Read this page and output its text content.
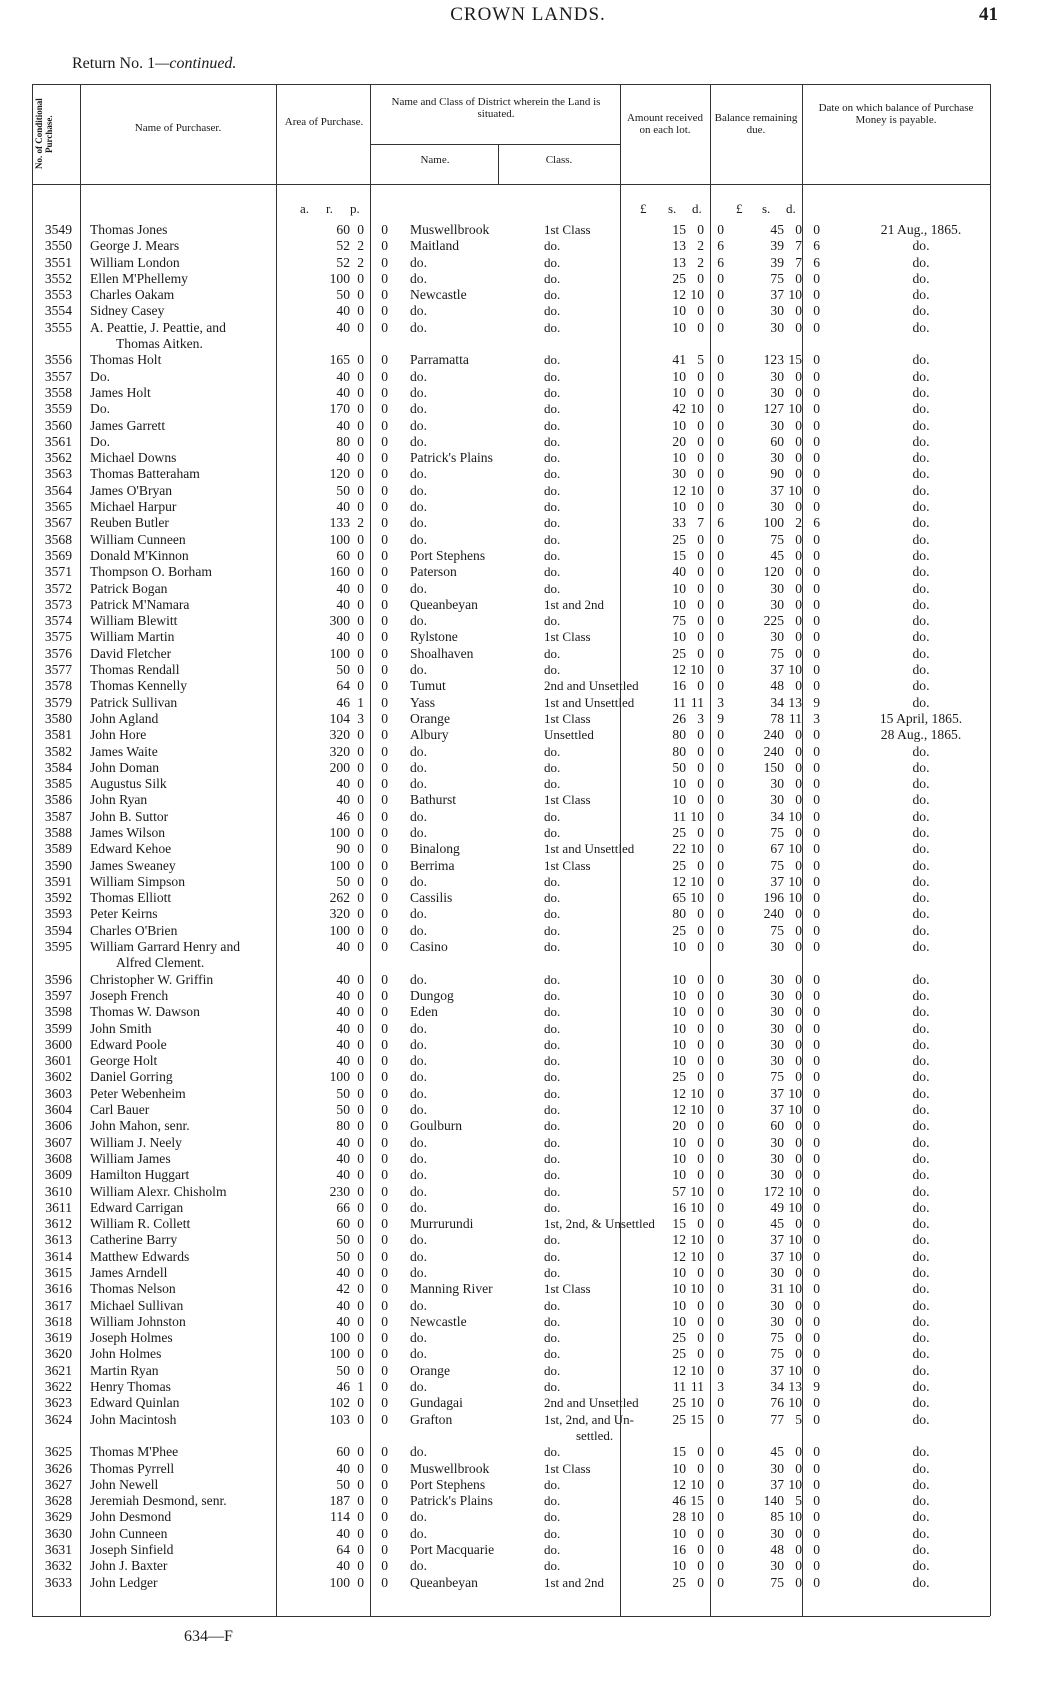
CROWN LANDS.	41
Return No. 1—continued.
No. of Conditional Purchase.	Name of Purchaser.	Area of Purchase.
Name and Class of District wherein the Land is situated.
Name.	Class.
Amount received on each lot.
Balance remaining due.
Date on which balance of Purchase Money is payable.
a. r. p.	£ s. d.	£ s. d.
3549 Thomas Jones	60 0	0 Muswellbrook	1st Class	15 0 0	45 0 0	21 Aug., 1865.
3550 George J. Mears	52 2	0 Maitland	do.	13 2 6	39 7 6	do.
3551 William London	52 2	0 do.	do.	13 2 6	39 7 6	do.
3552 Ellen M'Phellemy	100 0	0 do.	do.	25 0 0	75 0 0	do.
3553 Charles Oakam	50 0	0 Newcastle	do.	12 10 0	37 10 0	do.
3554 Sidney Casey	40 0	0 do.	do.	10 0 0	30 0 0	do.
3555 A. Peattie, J. Peattie, and
Thomas Aitken.
40 0	0 do.	do.	10 0 0	30 0 0	do.
3556 Thomas Holt	165 0	0 Parramatta	do.	41 5 0	123 15 0	do.
3557 Do.	40 0	0 do.	do.	10 0 0	30 0 0	do.
3558 James Holt	40 0	0 do.	do.	10 0 0	30 0 0	do.
3559 Do.	170 0	0 do.	do.	42 10 0	127 10 0	do.
3560 James Garrett	40 0	0 do.	do.	10 0 0	30 0 0	do.
3561 Do.	80 0	0 do.	do.	20 0 0	60 0 0	do.
3562 Michael Downs	40 0	0 Patrick's Plains	do.	10 0 0	30 0 0	do.
3563 Thomas Batteraham	120 0	0 do.	do.	30 0 0	90 0 0	do.
3564 James O'Bryan	50 0	0 do.	do.	12 10 0	37 10 0	do.
3565 Michael Harpur	40 0	0 do.	do.	10 0 0	30 0 0	do.
3567 Reuben Butler	133 2	0 do.	do.	33 7 6	100 2 6	do.
3568 William Cunneen	100 0	0 do.	do.	25 0 0	75 0 0	do.
3569 Donald M'Kinnon	60 0	0 Port Stephens	do.	15 0 0	45 0 0	do.
3571 Thompson O. Borham	160 0	0 Paterson	do.	40 0 0	120 0 0	do.
3572 Patrick Bogan	40 0	0 do.	do.	10 0 0	30 0 0	do.
3573 Patrick M'Namara	40 0	0 Queanbeyan	1st and 2nd	10 0 0	30 0 0	do.
3574 William Blewitt	300 0	0 do.	do.	75 0 0	225 0 0	do.
3575 William Martin	40 0	0 Rylstone	1st Class	10 0 0	30 0 0	do.
3576 David Fletcher	100 0	0 Shoalhaven	do.	25 0 0	75 0 0	do.
3577 Thomas Rendall	50 0	0 do.	do.	12 10 0	37 10 0	do.
3578 Thomas Kennelly	64 0	0 Tumut	2nd and Unsettled	16 0 0	48 0 0	do.
3579 Patrick Sullivan	46 1	0 Yass	1st and Unsettled	11 11 3	34 13 9	do.
3580 John Agland	104 3	0 Orange	1st Class	26 3 9	78 11 3	15 April, 1865.
3581 John Hore	320 0	0 Albury	Unsettled	80 0 0	240 0 0	28 Aug., 1865.
3582 James Waite	320 0	0 do.	do.	80 0 0	240 0 0	do.
3584 John Doman	200 0	0 do.	do.	50 0 0	150 0 0	do.
3585 Augustus Silk	40 0	0 do.	do.	10 0 0	30 0 0	do.
3586 John Ryan	40 0	0 Bathurst	1st Class	10 0 0	30 0 0	do.
3587 John B. Suttor	46 0	0 do.	do.	11 10 0	34 10 0	do.
3588 James Wilson	100 0	0 do.	do.	25 0 0	75 0 0	do.
3589 Edward Kehoe	90 0	0 Binalong	1st and Unsettled	22 10 0	67 10 0	do.
3590 James Sweaney	100 0	0 Berrima	1st Class	25 0 0	75 0 0	do.
3591 William Simpson	50 0	0 do.	do.	12 10 0	37 10 0	do.
3592 Thomas Elliott	262 0	0 Cassilis	do.	65 10 0	196 10 0	do.
3593 Peter Keirns	320 0	0 do.	do.	80 0 0	240 0 0	do.
3594 Charles O'Brien	100 0	0 do.	do.	25 0 0	75 0 0	do.
3595 William Garrard Henry and
Alfred Clement.
40 0	0 Casino	do.	10 0 0	30 0 0	do.
3596 Christopher W. Griffin	40 0	0 do.	do.	10 0 0	30 0 0	do.
3597 Joseph French	40 0	0 Dungog	do.	10 0 0	30 0 0	do.
3598 Thomas W. Dawson	40 0	0 Eden	do.	10 0 0	30 0 0	do.
3599 John Smith	40 0	0 do.	do.	10 0 0	30 0 0	do.
3600 Edward Poole	40 0	0 do.	do.	10 0 0	30 0 0	do.
3601 George Holt	40 0	0 do.	do.	10 0 0	30 0 0	do.
3602 Daniel Gorring	100 0	0 do.	do.	25 0 0	75 0 0	do.
3603 Peter Webenheim	50 0	0 do.	do.	12 10 0	37 10 0	do.
3604 Carl Bauer	50 0	0 do.	do.	12 10 0	37 10 0	do.
3606 John Mahon, senr.	80 0	0 Goulburn	do.	20 0 0	60 0 0	do.
3607 William J. Neely	40 0	0 do.	do.	10 0 0	30 0 0	do.
3608 William James	40 0	0 do.	do.	10 0 0	30 0 0	do.
3609 Hamilton Huggart	40 0	0 do.	do.	10 0 0	30 0 0	do.
3610 William Alexr. Chisholm	230 0	0 do.	do.	57 10 0	172 10 0	do.
3611 Edward Carrigan	66 0	0 do.	do.	16 10 0	49 10 0	do.
3612 William R. Collett	60 0	0 Murrurundi	1st, 2nd, & Unsettled	15 0 0	45 0 0	do.
3613 Catherine Barry	50 0	0 do.	do.	12 10 0	37 10 0	do.
3614 Matthew Edwards	50 0	0 do.	do.	12 10 0	37 10 0	do.
3615 James Arndell	40 0	0 do.	do.	10 0 0	30 0 0	do.
3616 Thomas Nelson	42 0	0 Manning River	1st Class	10 10 0	31 10 0	do.
3617 Michael Sullivan	40 0	0 do.	do.	10 0 0	30 0 0	do.
3618 William Johnston	40 0	0 Newcastle	do.	10 0 0	30 0 0	do.
3619 Joseph Holmes	100 0	0 do.	do.	25 0 0	75 0 0	do.
3620 John Holmes	100 0	0 do.	do.	25 0 0	75 0 0	do.
3621 Martin Ryan	50 0	0 Orange	do.	12 10 0	37 10 0	do.
3622 Henry Thomas	46 1	0 do.	do.	11 11 3	34 13 9	do.
3623 Edward Quinlan	102 0	0 Gundagai	2nd and Unsettled	25 10 0	76 10 0	do.
3624 John Macintosh	103 0	0 Grafton	1st, 2nd, and Un-
settled.
25 15 0	77 5 0	do.
3625 Thomas M'Phee	60 0	0 do.	do.	15 0 0	45 0 0	do.
3626 Thomas Pyrrell	40 0	0 Muswellbrook	1st Class	10 0 0	30 0 0	do.
3627 John Newell	50 0	0 Port Stephens	do.	12 10 0	37 10 0	do.
3628 Jeremiah Desmond, senr.	187 0	0 Patrick's Plains	do.	46 15 0	140 5 0	do.
3629 John Desmond	114 0	0 do.	do.	28 10 0	85 10 0	do.
3630 John Cunneen	40 0	0 do.	do.	10 0 0	30 0 0	do.
3631 Joseph Sinfield	64 0	0 Port Macquarie	do.	16 0 0	48 0 0	do.
3632 John J. Baxter	40 0	0 do.	do.	10 0 0	30 0 0	do.
3633 John Ledger	100 0	0 Queanbeyan	1st and 2nd	25 0 0	75 0 0	do.
634—F
